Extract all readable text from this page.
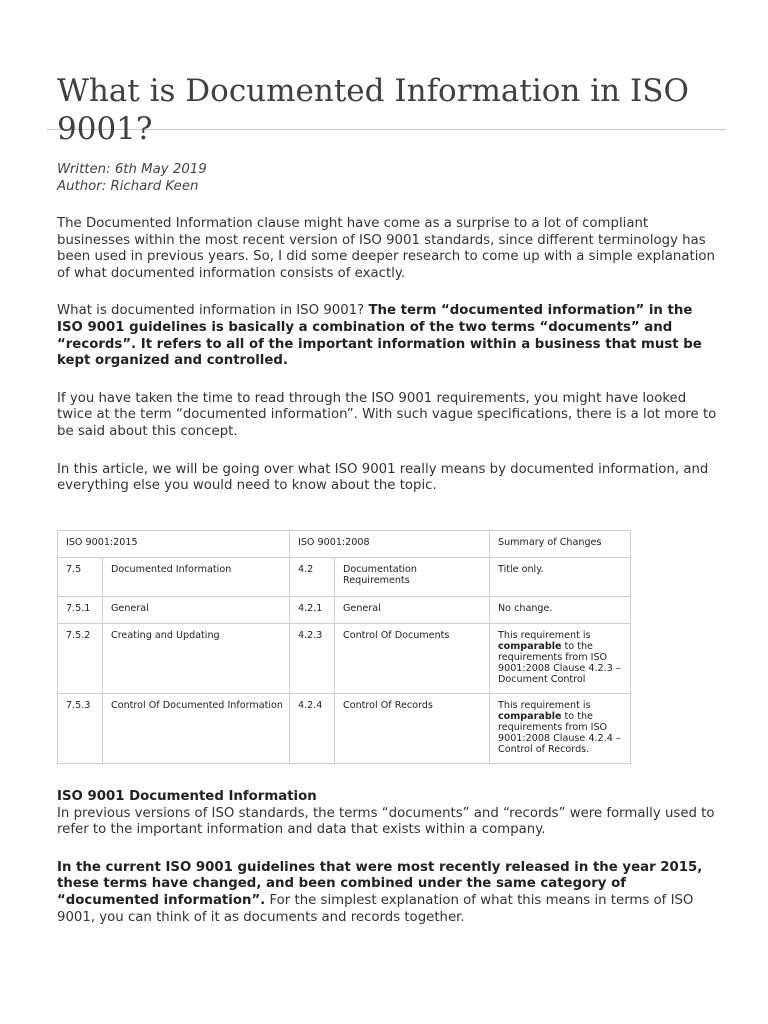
What is Documented Information in ISO 9001?
Written: 6th May 2019
Author: Richard Keen

The Documented Information clause might have come as a surprise to a lot of compliant businesses within the most recent version of ISO 9001 standards, since different terminology has been used in previous years. So, I did some deeper research to come up with a simple explanation of what documented information consists of exactly.

What is documented information in ISO 9001? The term “documented information” in the ISO 9001 guidelines is basically a combination of the two terms “documents” and “records”. It refers to all of the important information within a business that must be kept organized and controlled.

If you have taken the time to read through the ISO 9001 requirements, you might have looked twice at the term “documented information”. With such vague specifications, there is a lot more to be said about this concept.

In this article, we will be going over what ISO 9001 really means by documented information, and everything else you would need to know about the topic.

ISO 9001:2015		ISO 9001:2008		Summary of Changes
7.5	Documented Information	4.2	Documentation Requirements	Title only.
7.5.1	General	4.2.1	General	No change.
7.5.2	Creating and Updating	4.2.3	Control Of Documents	This requirement is comparable to the requirements from ISO 9001:2008 Clause 4.2.3 – Document Control
7.5.3	Control Of Documented Information	4.2.4	Control Of Records	This requirement is comparable to the requirements from ISO 9001:2008 Clause 4.2.4 – Control of Records.
ISO 9001 Documented Information

In previous versions of ISO standards, the terms “documents” and “records” were formally used to refer to the important information and data that exists within a company.

In the current ISO 9001 guidelines that were most recently released in the year 2015, these terms have changed, and been combined under the same category of “documented information”. For the simplest explanation of what this means in terms of ISO 9001, you can think of it as documents and records together.
